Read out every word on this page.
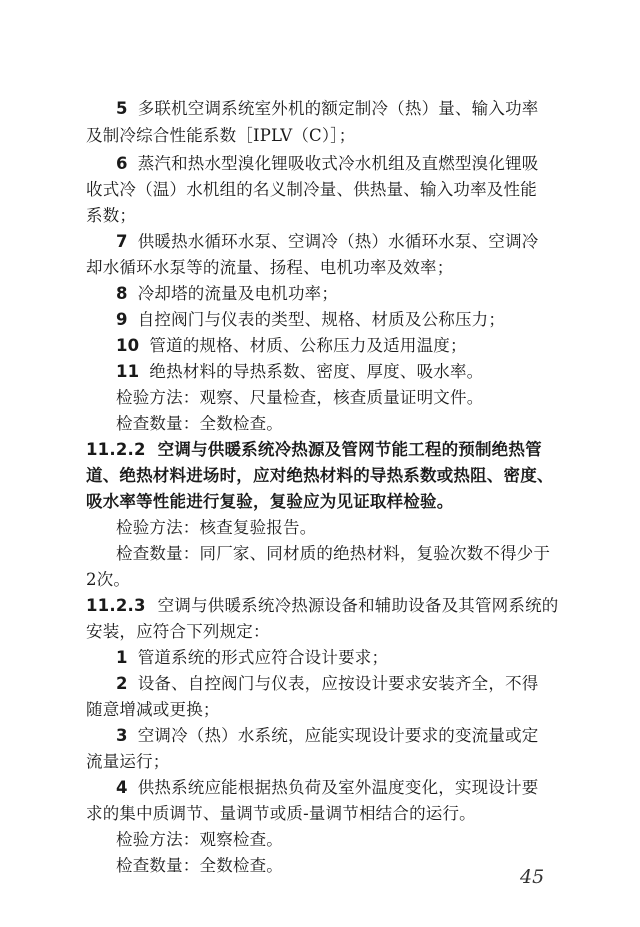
5 多联机空调系统室外机的额定制冷（热）量、输入功率
及制冷综合性能系数［IPLV（C）］；
6 蒸汽和热水型溴化锂吸收式冷水机组及直燃型溴化锂吸
收式冷（温）水机组的名义制冷量、供热量、输入功率及性能
系数；
7 供暖热水循环水泵、空调冷（热）水循环水泵、空调冷
却水循环水泵等的流量、扬程、电机功率及效率；
8 冷却塔的流量及电机功率；
9 自控阀门与仪表的类型、规格、材质及公称压力；
10 管道的规格、材质、公称压力及适用温度；
11 绝热材料的导热系数、密度、厚度、吸水率。
检验方法：观察、尺量检查，核查质量证明文件。
检查数量：全数检查。
11.2.2 空调与供暖系统冷热源及管网节能工程的预制绝热管
道、绝热材料进场时，应对绝热材料的导热系数或热阻、密度、
吸水率等性能进行复验，复验应为见证取样检验。
检验方法：核查复验报告。
检查数量：同厂家、同材质的绝热材料，复验次数不得少于
2次。
11.2.3 空调与供暖系统冷热源设备和辅助设备及其管网系统的
安装，应符合下列规定：
1 管道系统的形式应符合设计要求；
2 设备、自控阀门与仪表，应按设计要求安装齐全，不得
随意增减或更换；
3 空调冷（热）水系统，应能实现设计要求的变流量或定
流量运行；
4 供热系统应能根据热负荷及室外温度变化，实现设计要
求的集中质调节、量调节或质-量调节相结合的运行。
检验方法：观察检查。
检查数量：全数检查。
45
